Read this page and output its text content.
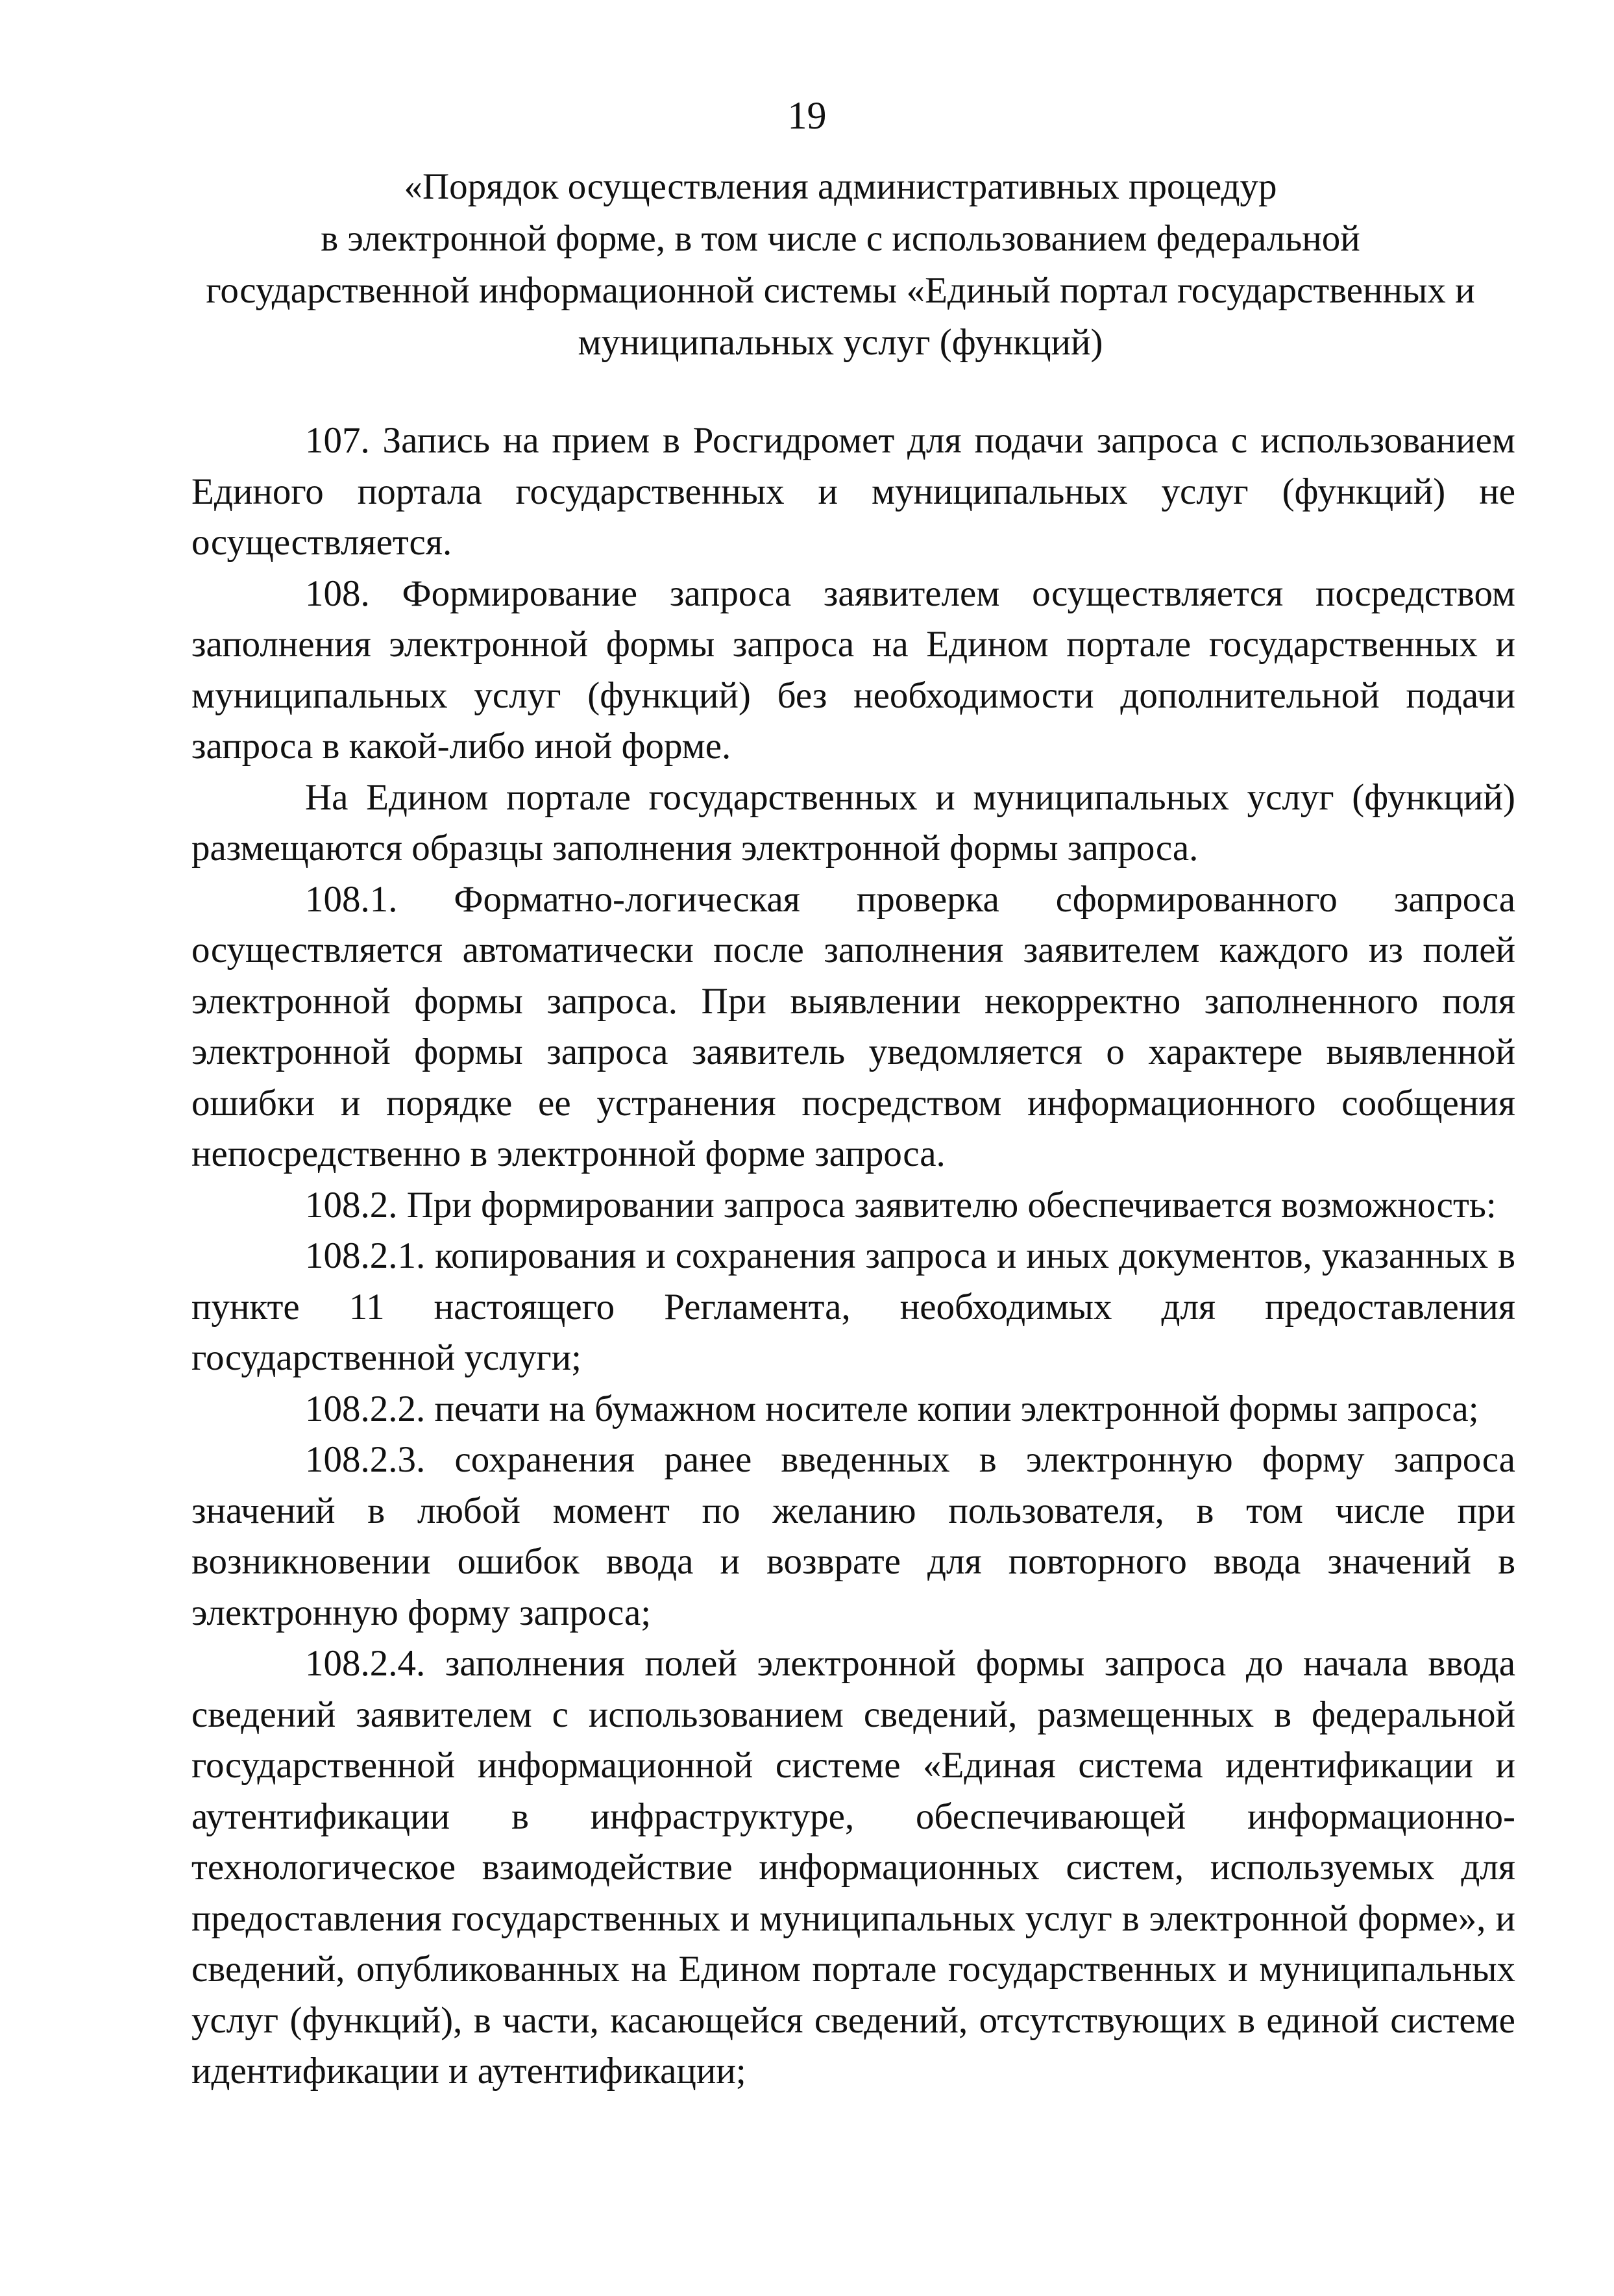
19
«Порядок осуществления административных процедур
в электронной форме, в том числе с использованием федеральной
государственной информационной системы «Единый портал государственных и
муниципальных услуг (функций)

107. Запись на прием в Росгидромет для подачи запроса с использованием Единого портала государственных и муниципальных услуг (функций) не осуществляется.

108. Формирование запроса заявителем осуществляется посредством заполнения электронной формы запроса на Едином портале государственных и муниципальных услуг (функций) без необходимости дополнительной подачи запроса в какой-либо иной форме.

На Едином портале государственных и муниципальных услуг (функций) размещаются образцы заполнения электронной формы запроса.

108.1. Форматно-логическая проверка сформированного запроса осуществляется автоматически после заполнения заявителем каждого из полей электронной формы запроса. При выявлении некорректно заполненного поля электронной формы запроса заявитель уведомляется о характере выявленной ошибки и порядке ее устранения посредством информационного сообщения непосредственно в электронной форме запроса.

108.2. При формировании запроса заявителю обеспечивается возможность:

108.2.1. копирования и сохранения запроса и иных документов, указанных в пункте 11 настоящего Регламента, необходимых для предоставления государственной услуги;

108.2.2. печати на бумажном носителе копии электронной формы запроса;

108.2.3. сохранения ранее введенных в электронную форму запроса значений в любой момент по желанию пользователя, в том числе при возникновении ошибок ввода и возврате для повторного ввода значений в электронную форму запроса;

108.2.4. заполнения полей электронной формы запроса до начала ввода сведений заявителем с использованием сведений, размещенных в федеральной государственной информационной системе «Единая система идентификации и аутентификации в инфраструктуре, обеспечивающей информационно-технологическое взаимодействие информационных систем, используемых для предоставления государственных и муниципальных услуг в электронной форме», и сведений, опубликованных на Едином портале государственных и муниципальных услуг (функций), в части, касающейся сведений, отсутствующих в единой системе идентификации и аутентификации;
